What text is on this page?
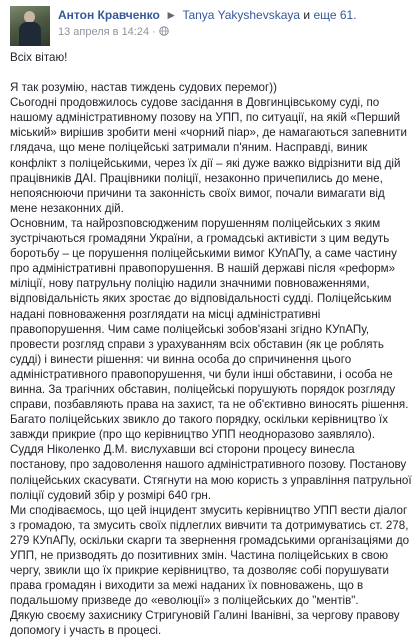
Антон Кравченко ► Tanya Yakyshevskaya и еще 61.
13 апреля в 14:24 ·

Всіх вітаю!

Я так розумію, настав тиждень судових перемог))

Сьогодні продовжилось судове засідання в Довгинцівському суді, по нашому адміністративному позову на УПП, по ситуації, на якій «Перший міський» вирішив зробити мені «чорний піар», де намагаються запевнити глядача, що мене поліцейські затримали п'яним. Насправді, виник конфлікт з поліцейськими, через їх дії – які дуже важко відрізнити від дій працівників ДАІ. Працівники поліції, незаконно причепились до мене, непояснюючи причини та законність своїх вимог, почали вимагати від мене незаконних дій.

Основним, та найрозповсюдженим порушенням поліцейських з яким зустрічаються громадяни України, а громадські активісти з цим ведуть боротьбу – це порушення поліцейськими вимог КУпАПу, а саме частину про адміністративні правопорушення. В нашій державі після «реформ» міліції, нову патрульну поліцію надили значними повноваженнями, відповідальність яких зростає до відповідальності судді. Поліцейським надані повноваження розглядати на місці адміністративні правопорушення. Чим саме поліцейські зобов'язані згідно КУпАПу, провести розгляд справи з урахуванням всіх обставин (як це роблять судді) і винести рішення: чи винна особа до спричинення цього адміністративного правопорушення, чи були інші обставини, і особа не винна. За трагічних обставин, поліцейські порушують порядок розгляду справи, позбавляють права на захист, та не об'єктивно виносять рішення. Багато поліцейських звикло до такого порядку, оскільки керівництво їх завжди прикрие (про що керівництво УПП неодноразово заявляло).

Суддя Ніколенко Д.М. вислухавши всі сторони процесу винесла постанову, про задоволення нашого адміністративного позову. Постанову поліцейських скасувати. Стягнути на мою користь з управління патрульної поліції судовий збір у розмірі 640 грн.

Ми сподіваємось, що цей інцидент змусить керівництво УПП вести діалог з громадою, та змусить своїх підлеглих вивчити та дотримуватись ст. 278, 279 КУпАПу, оскільки скарги та звернення громадськими організаціями до УПП, не призводять до позитивних змін. Частина поліцейських в свою чергу, звикли що їх прикрие керівництво, та дозволяє собі порушувати права громадян і виходити за межі наданих їх повноважень, що в подальшому призведе до «еволюції» з поліцейських до "ментів".

Дякую своєму захиснику Стригуновій Галині Іванівні, за чергову правову допомогу і участь в процесі.
